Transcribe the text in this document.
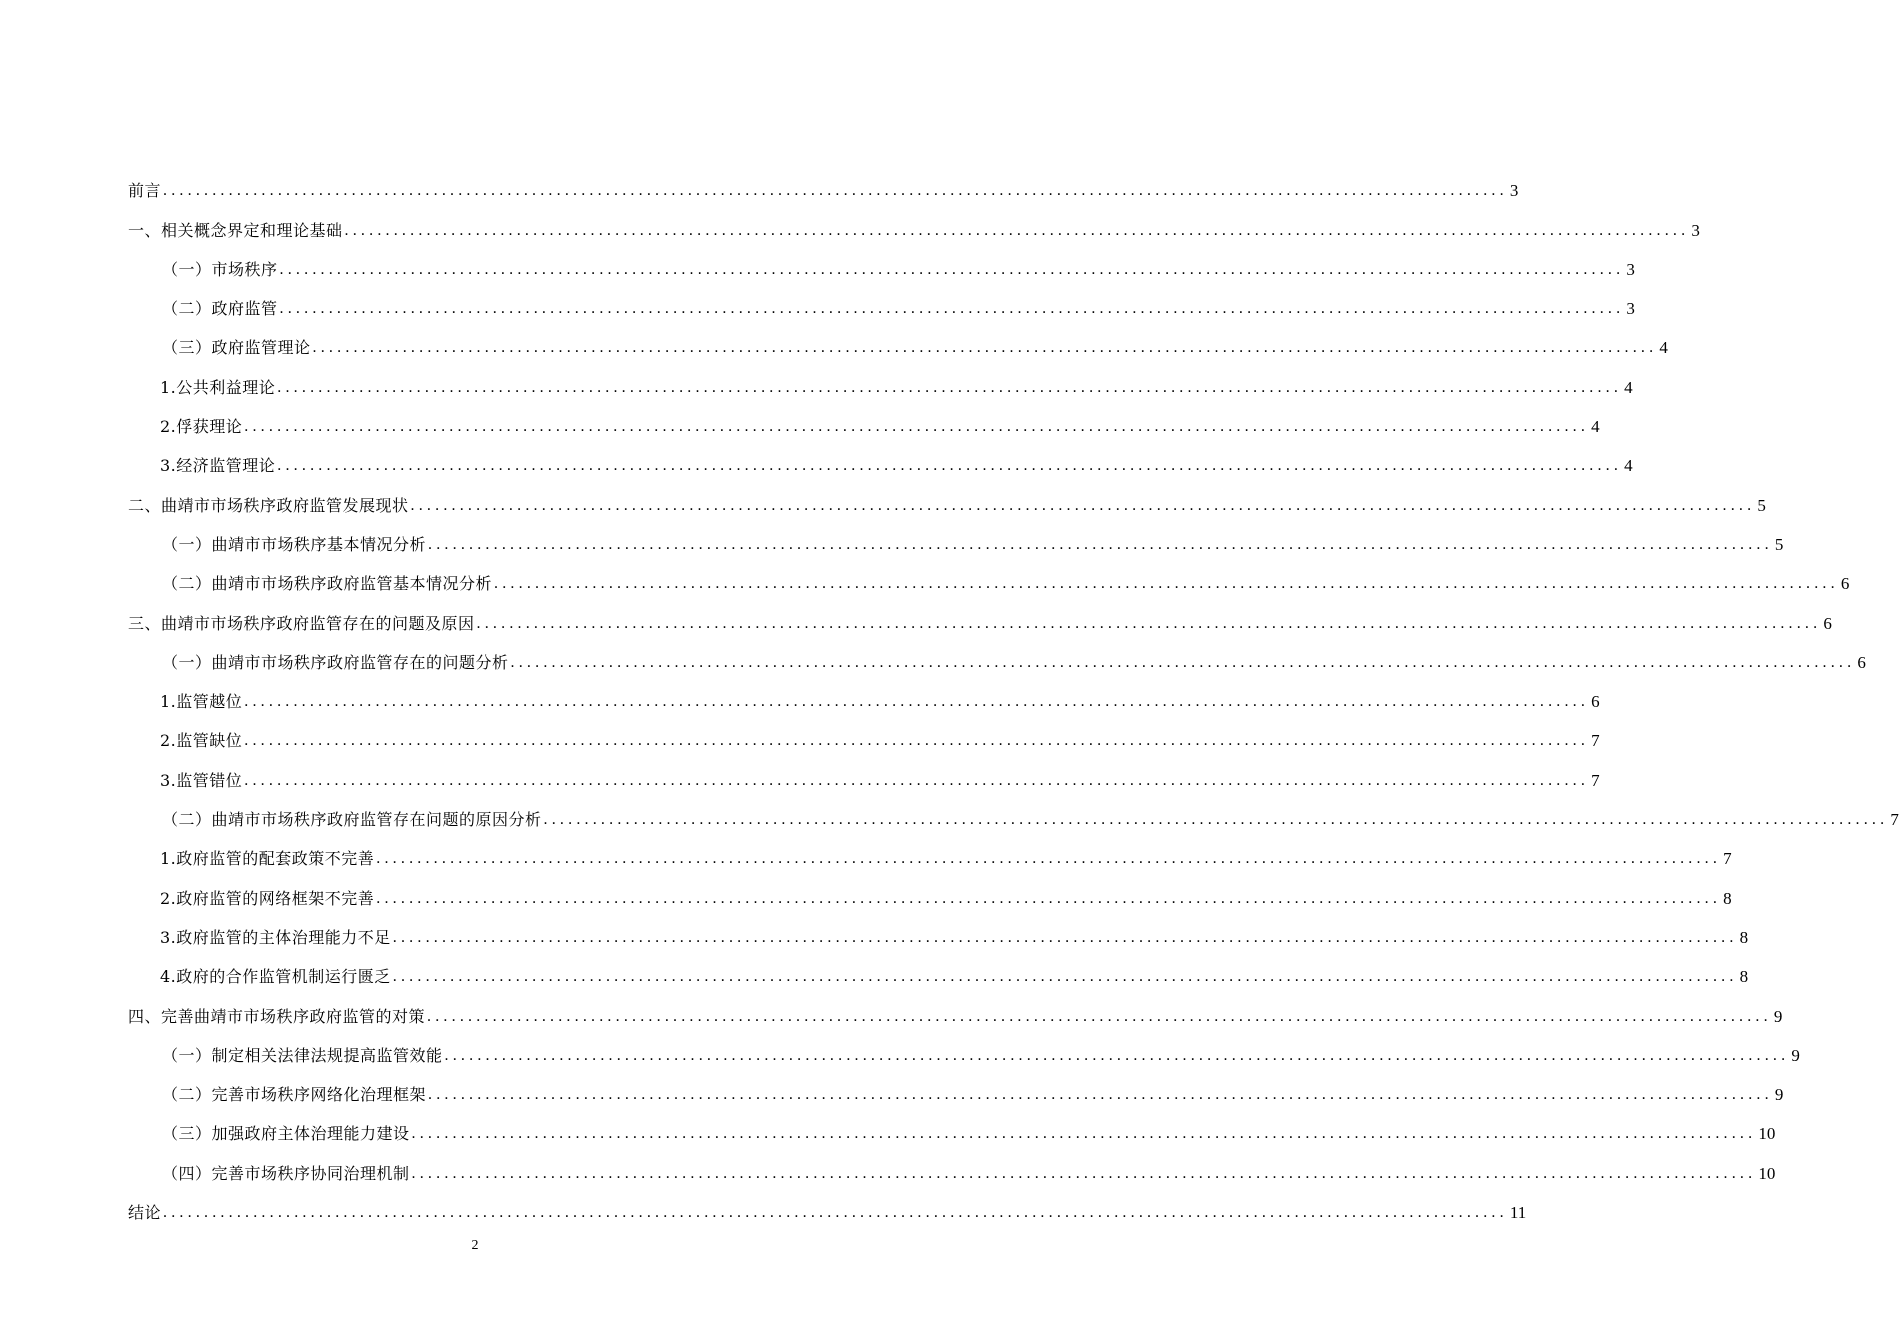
前言 .................................................................................................................................................................... 3
一、相关概念界定和理论基础 .................................................................................................................................................................... 3
（一）市场秩序 .................................................................................................................................................................... 3
（二）政府监管 .................................................................................................................................................................... 3
（三）政府监管理论 .................................................................................................................................................................... 4
1.公共利益理论 .................................................................................................................................................................... 4
2.俘获理论 .................................................................................................................................................................... 4
3.经济监管理论 .................................................................................................................................................................... 4
二、曲靖市市场秩序政府监管发展现状 .................................................................................................................................................................... 5
（一）曲靖市市场秩序基本情况分析 .................................................................................................................................................................... 5
（二）曲靖市市场秩序政府监管基本情况分析 .................................................................................................................................................................... 6
三、曲靖市市场秩序政府监管存在的问题及原因 .................................................................................................................................................................... 6
（一）曲靖市市场秩序政府监管存在的问题分析 .................................................................................................................................................................... 6
1.监管越位 .................................................................................................................................................................... 6
2.监管缺位 .................................................................................................................................................................... 7
3.监管错位 .................................................................................................................................................................... 7
（二）曲靖市市场秩序政府监管存在问题的原因分析 .................................................................................................................................................................... 7
1.政府监管的配套政策不完善 .................................................................................................................................................................... 7
2.政府监管的网络框架不完善 .................................................................................................................................................................... 8
3.政府监管的主体治理能力不足 .................................................................................................................................................................... 8
4.政府的合作监管机制运行匮乏 .................................................................................................................................................................... 8
四、完善曲靖市市场秩序政府监管的对策 .................................................................................................................................................................... 9
（一）制定相关法律法规提高监管效能 .................................................................................................................................................................... 9
（二）完善市场秩序网络化治理框架 .................................................................................................................................................................... 9
（三）加强政府主体治理能力建设 .................................................................................................................................................................... 10
（四）完善市场秩序协同治理机制 .................................................................................................................................................................... 10
结论 .................................................................................................................................................................... 11
2
